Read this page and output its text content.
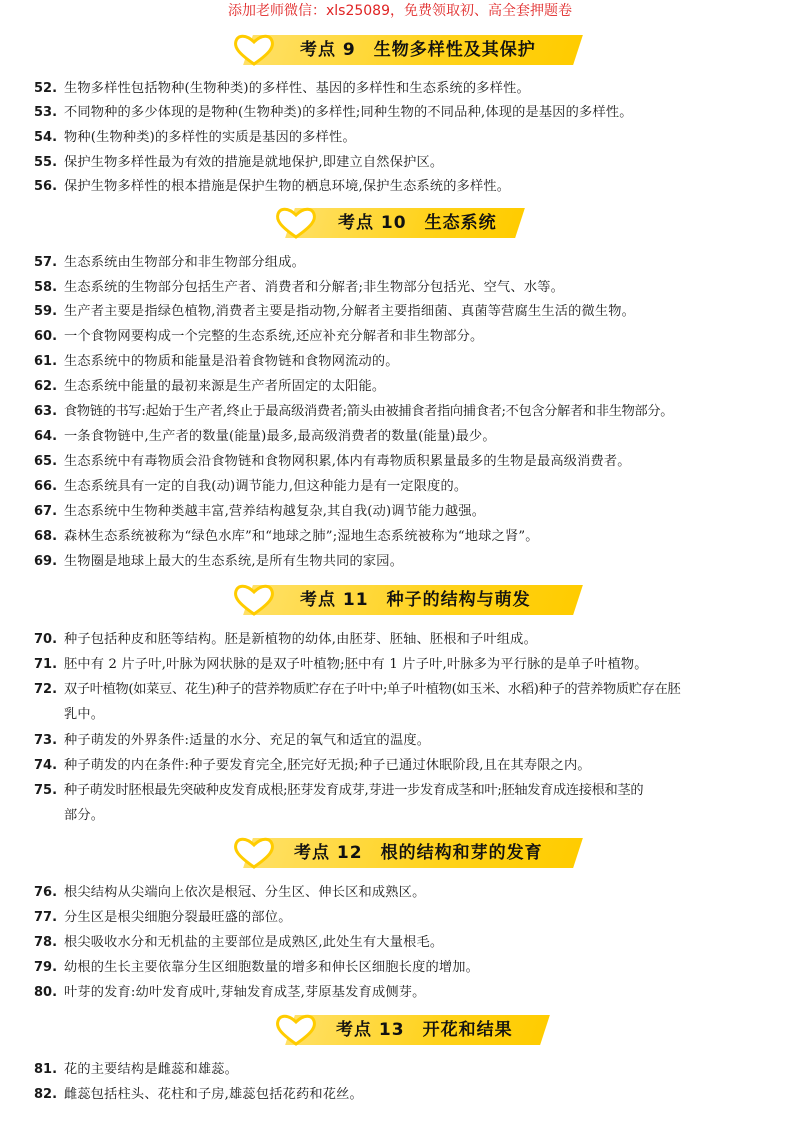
添加老师微信：xls25089，免费领取初、高全套押题卷
考点 9 生物多样性及其保护
52. 生物多样性包括物种(生物种类)的多样性、基因的多样性和生态系统的多样性。
53. 不同物种的多少体现的是物种(生物种类)的多样性;同种生物的不同品种,体现的是基因的多样性。
54. 物种(生物种类)的多样性的实质是基因的多样性。
55. 保护生物多样性最为有效的措施是就地保护,即建立自然保护区。
56. 保护生物多样性的根本措施是保护生物的栖息环境,保护生态系统的多样性。
考点 10 生态系统
57. 生态系统由生物部分和非生物部分组成。
58. 生态系统的生物部分包括生产者、消费者和分解者;非生物部分包括光、空气、水等。
59. 生产者主要是指绿色植物,消费者主要是指动物,分解者主要指细菌、真菌等营腐生生活的微生物。
60. 一个食物网要构成一个完整的生态系统,还应补充分解者和非生物部分。
61. 生态系统中的物质和能量是沿着食物链和食物网流动的。
62. 生态系统中能量的最初来源是生产者所固定的太阳能。
63. 食物链的书写:起始于生产者,终止于最高级消费者;箭头由被捕食者指向捕食者;不包含分解者和非生物部分。
64. 一条食物链中,生产者的数量(能量)最多,最高级消费者的数量(能量)最少。
65. 生态系统中有毒物质会沿食物链和食物网积累,体内有毒物质积累量最多的生物是最高级消费者。
66. 生态系统具有一定的自我(动)调节能力,但这种能力是有一定限度的。
67. 生态系统中生物种类越丰富,营养结构越复杂,其自我(动)调节能力越强。
68. 森林生态系统被称为“绿色水库”和“地球之肺”;湿地生态系统被称为“地球之肾”。
69. 生物圈是地球上最大的生态系统,是所有生物共同的家园。
考点 11 种子的结构与萌发
70. 种子包括种皮和胚等结构。胚是新植物的幼体,由胚芽、胚轴、胚根和子叶组成。
71. 胚中有 2 片子叶,叶脉为网状脉的是双子叶植物;胚中有 1 片子叶,叶脉多为平行脉的是单子叶植物。
72. 双子叶植物(如菜豆、花生)种子的营养物质贮存在子叶中;单子叶植物(如玉米、水稻)种子的营养物质贮存在胚
乳中。
73. 种子萌发的外界条件:适量的水分、充足的氧气和适宜的温度。
74. 种子萌发的内在条件:种子要发育完全,胚完好无损;种子已通过休眠阶段,且在其寿限之内。
75. 种子萌发时胚根最先突破种皮发育成根;胚芽发育成芽,芽进一步发育成茎和叶;胚轴发育成连接根和茎的
部分。
考点 12 根的结构和芽的发育
76. 根尖结构从尖端向上依次是根冠、分生区、伸长区和成熟区。
77. 分生区是根尖细胞分裂最旺盛的部位。
78. 根尖吸收水分和无机盐的主要部位是成熟区,此处生有大量根毛。
79. 幼根的生长主要依靠分生区细胞数量的增多和伸长区细胞长度的增加。
80. 叶芽的发育:幼叶发育成叶,芽轴发育成茎,芽原基发育成侧芽。
考点 13 开花和结果
81. 花的主要结构是雌蕊和雄蕊。
82. 雌蕊包括柱头、花柱和子房,雄蕊包括花药和花丝。
